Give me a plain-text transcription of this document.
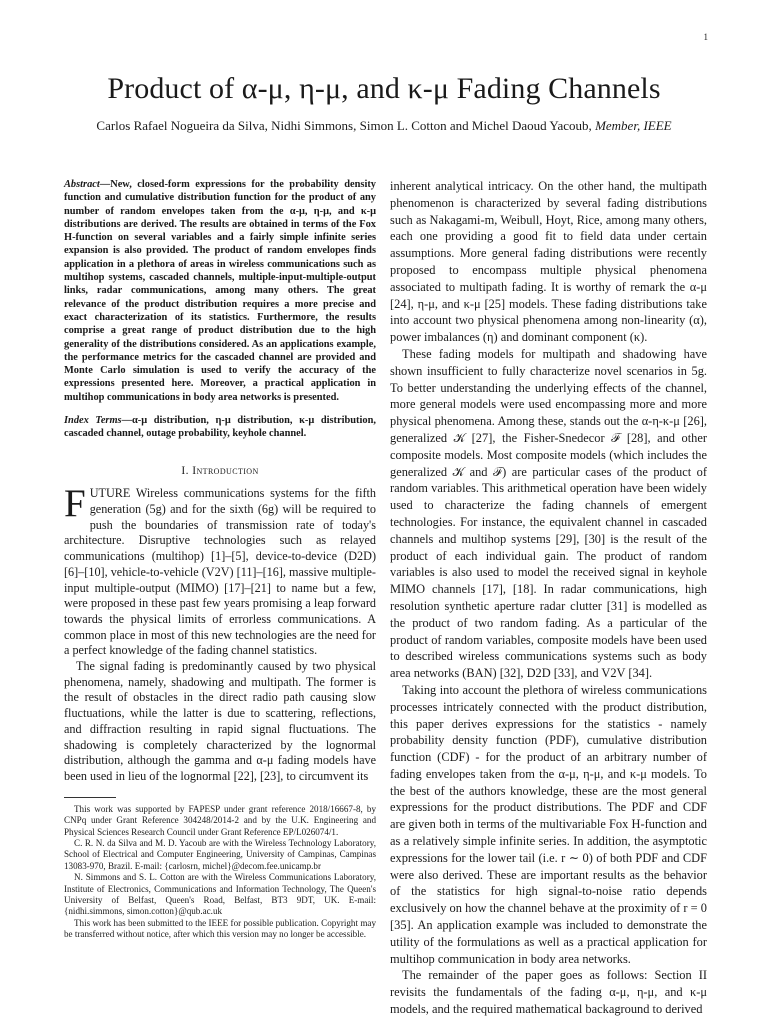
1
Product of α-μ, η-μ, and κ-μ Fading Channels
Carlos Rafael Nogueira da Silva, Nidhi Simmons, Simon L. Cotton and Michel Daoud Yacoub, Member, IEEE
Abstract—New, closed-form expressions for the probability density function and cumulative distribution function for the product of any number of random envelopes taken from the α-μ, η-μ, and κ-μ distributions are derived. The results are obtained in terms of the Fox H-function on several variables and a fairly simple infinite series expansion is also provided. The product of random envelopes finds application in a plethora of areas in wireless communications such as multihop systems, cascaded channels, multiple-input-multiple-output links, radar communications, among many others. The great relevance of the product distribution requires a more precise and exact characterization of its statistics. Furthermore, the results comprise a great range of product distribution due to the high generality of the distributions considered. As an applications example, the performance metrics for the cascaded channel are provided and Monte Carlo simulation is used to verify the accuracy of the expressions presented here. Moreover, a practical application in multihop communications in body area networks is presented.
Index Terms—α-μ distribution, η-μ distribution, κ-μ distribution, cascaded channel, outage probability, keyhole channel.
I. Introduction

FUTURE Wireless communications systems for the fifth generation (5g) and for the sixth (6g) will be required to push the boundaries of transmission rate of today's architecture. Disruptive technologies such as relayed communications (multihop) [1]–[5], device-to-device (D2D) [6]–[10], vehicle-to-vehicle (V2V) [11]–[16], massive multiple-input multiple-output (MIMO) [17]–[21] to name but a few, were proposed in these past few years promising a leap forward towards the physical limits of errorless communications. A common place in most of this new technologies are the need for a perfect knowledge of the fading channel statistics.

The signal fading is predominantly caused by two physical phenomena, namely, shadowing and multipath. The former is the result of obstacles in the direct radio path causing slow fluctuations, while the latter is due to scattering, reflections, and diffraction resulting in rapid signal fluctuations. The shadowing is completely characterized by the lognormal distribution, although the gamma and α-μ fading models have been used in lieu of the lognormal [22], [23], to circumvent its

This work was supported by FAPESP under grant reference 2018/16667-8, by CNPq under Grant Reference 304248/2014-2 and by the U.K. Engineering and Physical Sciences Research Council under Grant Reference EP/L026074/1.

C. R. N. da Silva and M. D. Yacoub are with the Wireless Technology Laboratory, School of Electrical and Computer Engineering, University of Campinas, Campinas 13083-970, Brazil. E-mail: {carlosrn, michel}@decom.fee.unicamp.br

N. Simmons and S. L. Cotton are with the Wireless Communications Laboratory, Institute of Electronics, Communications and Information Technology, The Queen's University of Belfast, Queen's Road, Belfast, BT3 9DT, UK. E-mail: {nidhi.simmons, simon.cotton}@qub.ac.uk

This work has been submitted to the IEEE for possible publication. Copyright may be transferred without notice, after which this version may no longer be accessible.

inherent analytical intricacy. On the other hand, the multipath phenomenon is characterized by several fading distributions such as Nakagami-m, Weibull, Hoyt, Rice, among many others, each one providing a good fit to field data under certain assumptions. More general fading distributions were recently proposed to encompass multiple physical phenomena associated to multipath fading. It is worthy of remark the α-μ [24], η-μ, and κ-μ [25] models. These fading distributions take into account two physical phenomena among non-linearity (α), power imbalances (η) and dominant component (κ).

These fading models for multipath and shadowing have shown insufficient to fully characterize novel scenarios in 5g. To better understanding the underlying effects of the channel, more general models were used encompassing more and more physical phenomena. Among these, stands out the α-η-κ-μ [26], generalized 𝒦 [27], the Fisher-Snedecor ℱ [28], and other composite models. Most composite models (which includes the generalized 𝒦 and ℱ) are particular cases of the product of random variables. This arithmetical operation have been widely used to characterize the fading channels of emergent technologies. For instance, the equivalent channel in cascaded channels and multihop systems [29], [30] is the result of the product of each individual gain. The product of random variables is also used to model the received signal in keyhole MIMO channels [17], [18]. In radar communications, high resolution synthetic aperture radar clutter [31] is modelled as the product of two random fading. As a particular of the product of random variables, composite models have been used to described wireless communications systems such as body area networks (BAN) [32], D2D [33], and V2V [34].

Taking into account the plethora of wireless communications processes intricately connected with the product distribution, this paper derives expressions for the statistics - namely probability density function (PDF), cumulative distribution function (CDF) - for the product of an arbitrary number of fading envelopes taken from the α-μ, η-μ, and κ-μ models. To the best of the authors knowledge, these are the most general expressions for the product distributions. The PDF and CDF are given both in terms of the multivariable Fox H-function and as a relatively simple infinite series. In addition, the asymptotic expressions for the lower tail (i.e. r ∼ 0) of both PDF and CDF were also derived. These are important results as the behavior of the statistics for high signal-to-noise ratio depends exclusively on how the channel behave at the proximity of r = 0 [35]. An application example was included to demonstrate the utility of the formulations as well as a practical application for multihop communication in body area networks.

The remainder of the paper goes as follows: Section II revisits the fundamentals of the fading α-μ, η-μ, and κ-μ models, and the required mathematical backaground to derived
